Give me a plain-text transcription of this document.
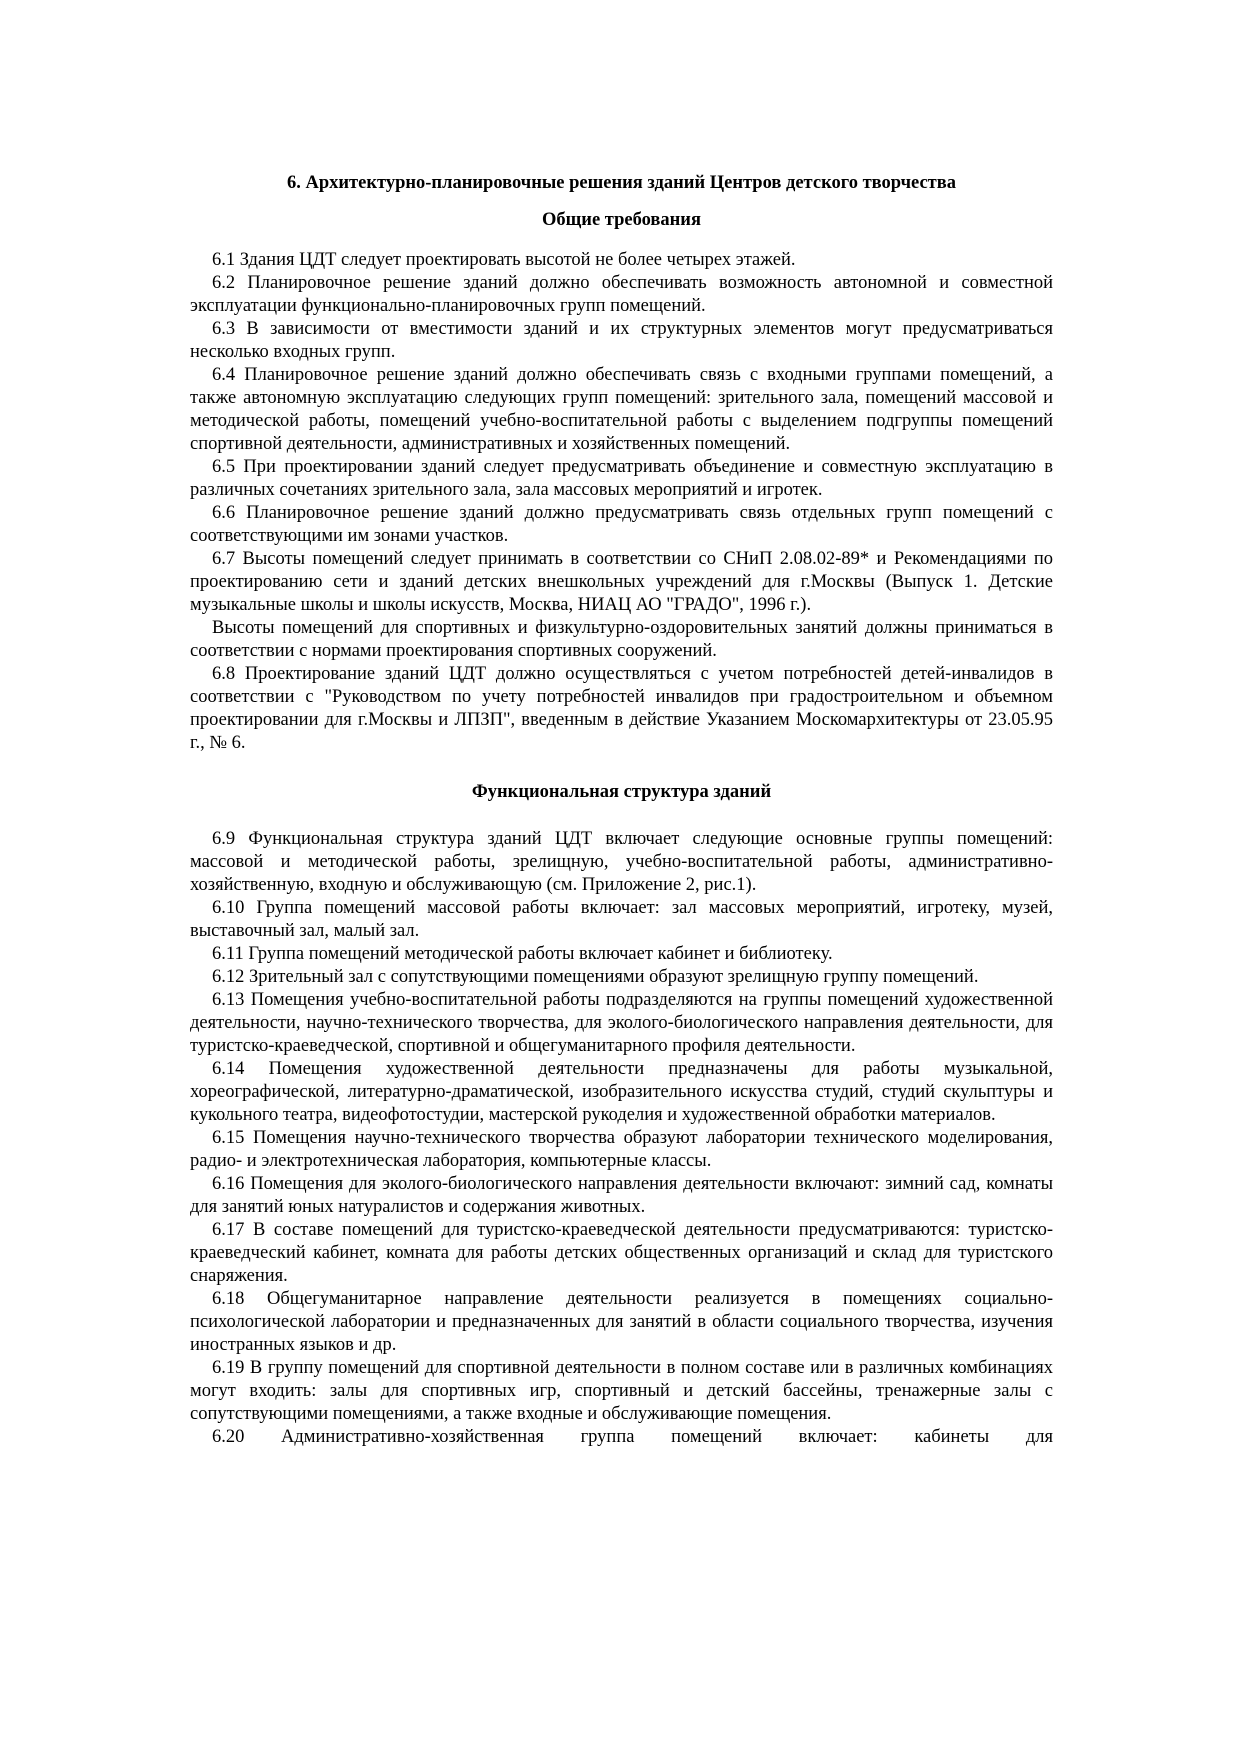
6. Архитектурно-планировочные решения зданий Центров детского творчества
Общие требования

6.1 Здания ЦДТ следует проектировать высотой не более четырех этажей.

6.2 Планировочное решение зданий должно обеспечивать возможность автономной и совместной эксплуатации функционально-планировочных групп помещений.

6.3 В зависимости от вместимости зданий и их структурных элементов могут предусматриваться несколько входных групп.

6.4 Планировочное решение зданий должно обеспечивать связь с входными группами помещений, а также автономную эксплуатацию следующих групп помещений: зрительного зала, помещений массовой и методической работы, помещений учебно-воспитательной работы с выделением подгруппы помещений спортивной деятельности, административных и хозяйственных помещений.

6.5 При проектировании зданий следует предусматривать объединение и совместную эксплуатацию в различных сочетаниях зрительного зала, зала массовых мероприятий и игротек.

6.6 Планировочное решение зданий должно предусматривать связь отдельных групп помещений с соответствующими им зонами участков.

6.7 Высоты помещений следует принимать в соответствии со СНиП 2.08.02-89* и Рекомендациями по проектированию сети и зданий детских внешкольных учреждений для г.Москвы (Выпуск 1. Детские музыкальные школы и школы искусств, Москва, НИАЦ АО "ГРАДО", 1996 г.).

Высоты помещений для спортивных и физкультурно-оздоровительных занятий должны приниматься в соответствии с нормами проектирования спортивных сооружений.

6.8 Проектирование зданий ЦДТ должно осуществляться с учетом потребностей детей-инвалидов в соответствии с "Руководством по учету потребностей инвалидов при градостроительном и объемном проектировании для г.Москвы и ЛПЗП", введенным в действие Указанием Москомархитектуры от 23.05.95 г., № 6.

Функциональная структура зданий

6.9 Функциональная структура зданий ЦДТ включает следующие основные группы помещений: массовой и методической работы, зрелищную, учебно-воспитательной работы, административно-хозяйственную, входную и обслуживающую (см. Приложение 2, рис.1).

6.10 Группа помещений массовой работы включает: зал массовых мероприятий, игротеку, музей, выставочный зал, малый зал.

6.11 Группа помещений методической работы включает кабинет и библиотеку.

6.12 Зрительный зал с сопутствующими помещениями образуют зрелищную группу помещений.

6.13 Помещения учебно-воспитательной работы подразделяются на группы помещений художественной деятельности, научно-технического творчества, для эколого-биологического направления деятельности, для туристско-краеведческой, спортивной и общегуманитарного профиля деятельности.

6.14 Помещения художественной деятельности предназначены для работы музыкальной, хореографической, литературно-драматической, изобразительного искусства студий, студий скульптуры и кукольного театра, видеофотостудии, мастерской рукоделия и художественной обработки материалов.

6.15 Помещения научно-технического творчества образуют лаборатории технического моделирования, радио- и электротехническая лаборатория, компьютерные классы.

6.16 Помещения для эколого-биологического направления деятельности включают: зимний сад, комнаты для занятий юных натуралистов и содержания животных.

6.17 В составе помещений для туристско-краеведческой деятельности предусматриваются: туристско-краеведческий кабинет, комната для работы детских общественных организаций и склад для туристского снаряжения.

6.18 Общегуманитарное направление деятельности реализуется в помещениях социально-психологической лаборатории и предназначенных для занятий в области социального творчества, изучения иностранных языков и др.

6.19 В группу помещений для спортивной деятельности в полном составе или в различных комбинациях могут входить: залы для спортивных игр, спортивный и детский бассейны, тренажерные залы с сопутствующими помещениями, а также входные и обслуживающие помещения.

6.20 Административно-хозяйственная группа помещений включает: кабинеты для
